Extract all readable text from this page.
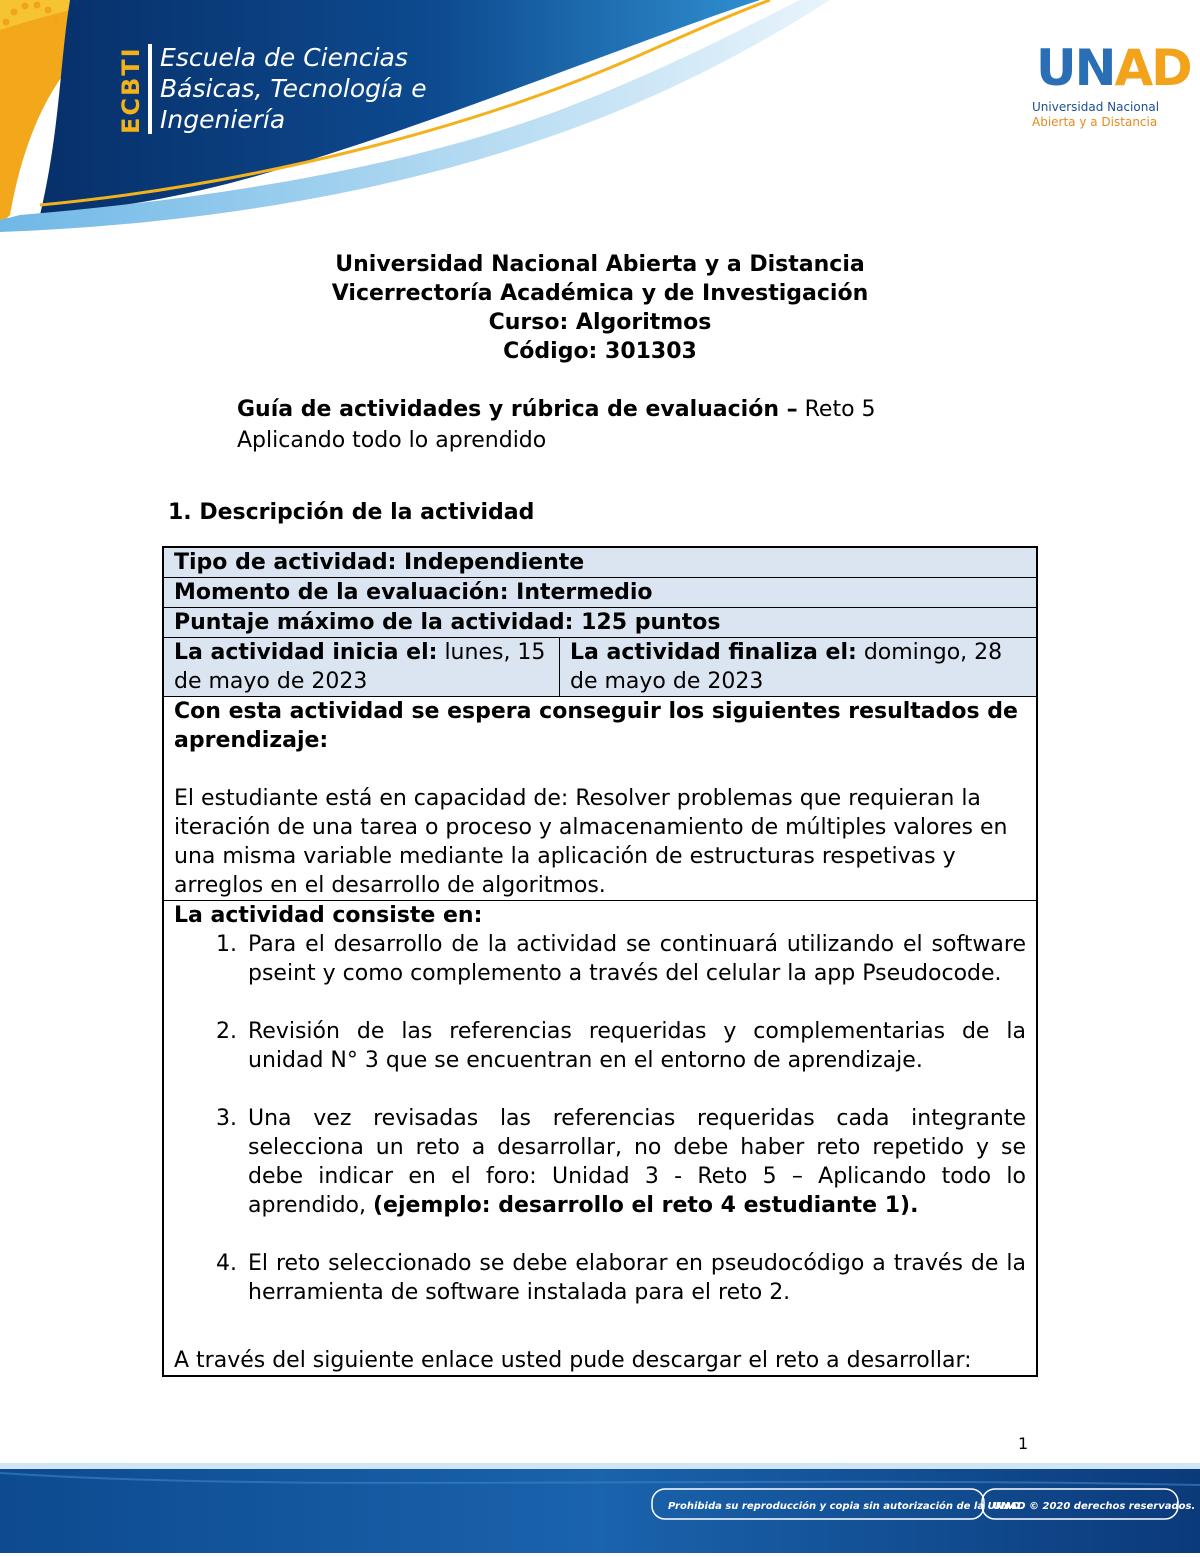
ECBTI Escuela de Ciencias
Básicas, Tecnología e
Ingeniería
UNAD
Universidad Nacional
Abierta y a Distancia
Universidad Nacional Abierta y a Distancia
Vicerrectoría Académica y de Investigación
Curso: Algoritmos
Código: 301303
Guía de actividades y rúbrica de evaluación – Reto 5
Aplicando todo lo aprendido
1. Descripción de la actividad
Tipo de actividad: Independiente
Momento de la evaluación: Intermedio
Puntaje máximo de la actividad: 125 puntos
La actividad inicia el: lunes, 15 de mayo de 2023
La actividad finaliza el: domingo, 28 de mayo de 2023
Con esta actividad se espera conseguir los siguientes resultados de aprendizaje:
El estudiante está en capacidad de: Resolver problemas que requieran la iteración de una tarea o proceso y almacenamiento de múltiples valores en una misma variable mediante la aplicación de estructuras respetivas y arreglos en el desarrollo de algoritmos.
La actividad consiste en:
1. Para el desarrollo de la actividad se continuará utilizando el software pseint y como complemento a través del celular la app Pseudocode.
2. Revisión de las referencias requeridas y complementarias de la unidad N° 3 que se encuentran en el entorno de aprendizaje.
3. Una vez revisadas las referencias requeridas cada integrante selecciona un reto a desarrollar, no debe haber reto repetido y se debe indicar en el foro: Unidad 3 - Reto 5 – Aplicando todo lo aprendido, (ejemplo: desarrollo el reto 4 estudiante 1).
4. El reto seleccionado se debe elaborar en pseudocódigo a través de la herramienta de software instalada para el reto 2.
A través del siguiente enlace usted pude descargar el reto a desarrollar:
1
Prohibida su reproducción y copia sin autorización de la UNAD.
UNAD © 2020 derechos reservados.
